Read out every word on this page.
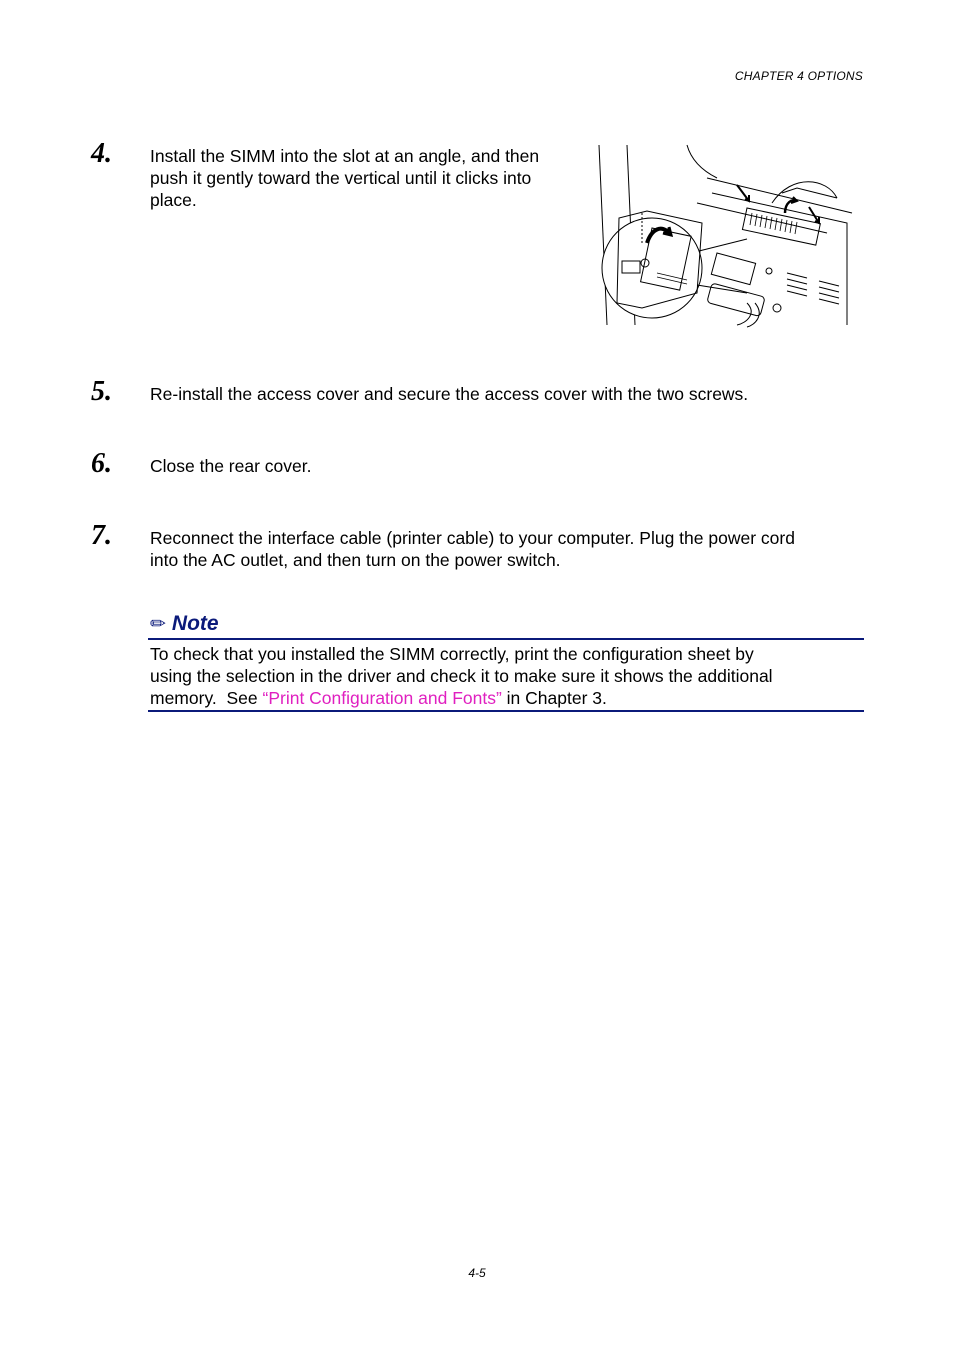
CHAPTER 4 OPTIONS
4. Install the SIMM into the slot at an angle, and then
push it gently toward the vertical until it clicks into
place.
5. Re-install the access cover and secure the access cover with the two screws.
6. Close the rear cover.
7. Reconnect the interface cable (printer cable) to your computer. Plug the power cord
into the AC outlet, and then turn on the power switch.
✏ Note
To check that you installed the SIMM correctly, print the configuration sheet by
using the selection in the driver and check it to make sure it shows the additional
memory.  See “Print Configuration and Fonts” in Chapter 3.
4-5
